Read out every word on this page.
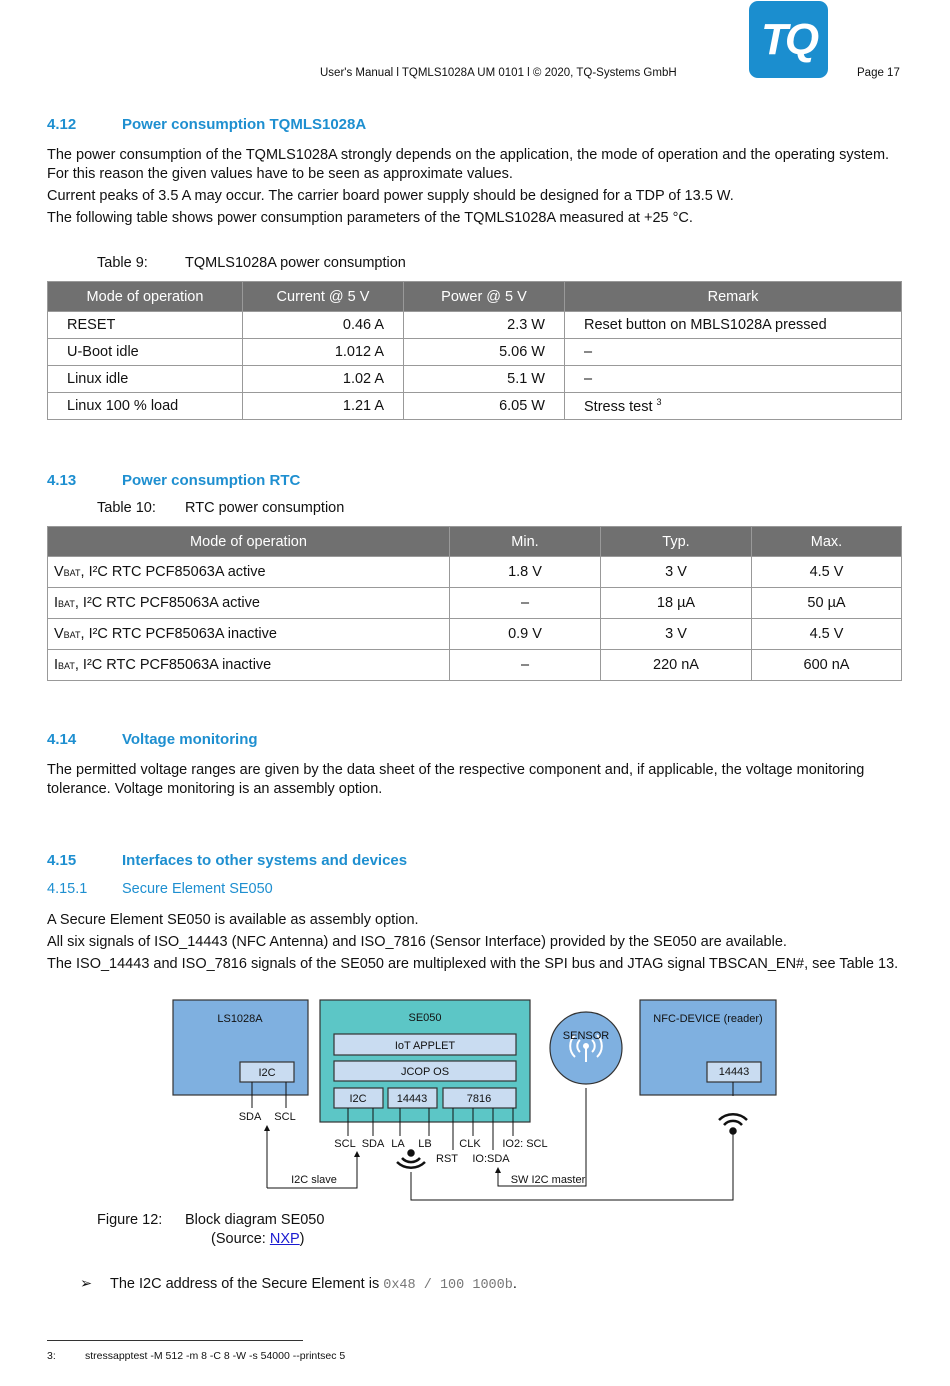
User's Manual l TQMLS1028A UM 0101 l © 2020, TQ-Systems GmbH
TQ
Page 17
4.12	Power consumption TQMLS1028A

The power consumption of the TQMLS1028A strongly depends on the application, the mode of operation and the operating system. For this reason the given values have to be seen as approximate values.

Current peaks of 3.5 A may occur. The carrier board power supply should be designed for a TDP of 13.5 W.

The following table shows power consumption parameters of the TQMLS1028A measured at +25 °C.

Table 9:	TQMLS1028A power consumption
Mode of operation	Current @ 5 V	Power @ 5 V	Remark
RESET	0.46 A	2.3 W	Reset button on MBLS1028A pressed
U-Boot idle	1.012 A	5.06 W	–
Linux idle	1.02 A	5.1 W	–
Linux 100 % load	1.21 A	6.05 W	Stress test $^3$
4.13	Power consumption RTC
Table 10: RTC power consumption
Mode of operation	Min.	Typ.	Max.
VBAT, I²C RTC PCF85063A active	1.8 V	3 V	4.5 V
IBAT, I²C RTC PCF85063A active	–	18 µA	50 µA
VBAT, I²C RTC PCF85063A inactive	0.9 V	3 V	4.5 V
IBAT, I²C RTC PCF85063A inactive	–	220 nA	600 nA
4.14	Voltage monitoring

The permitted voltage ranges are given by the data sheet of the respective component and, if applicable, the voltage monitoring tolerance. Voltage monitoring is an assembly option.

4.15	Interfaces to other systems and devices
4.15.1 Secure Element SE050

A Secure Element SE050 is available as assembly option.

All six signals of ISO_14443 (NFC Antenna) and ISO_7816 (Sensor Interface) provided by the SE050 are available.

The ISO_14443 and ISO_7816 signals of the SE050 are multiplexed with the SPI bus and JTAG signal TBSCAN_EN#, see Table 13.

LS1028A
I2C
SE050
IoT APPLET
JCOP OS
I2C	14443	7816
SENSOR
NFC-DEVICE (reader)
14443
SDA SCL
SCL SDA LA LB	CLK IO2: SCL
RST IO:SDA
I2C slave	SW I2C master
Figure 12: Block diagram SE050
(Source: NXP)
➢ The I2C address of the Secure Element is 0x48 / 100 1000b.
3:	stressapptest -M 512 -m 8 -C 8 -W -s 54000 --printsec 5
